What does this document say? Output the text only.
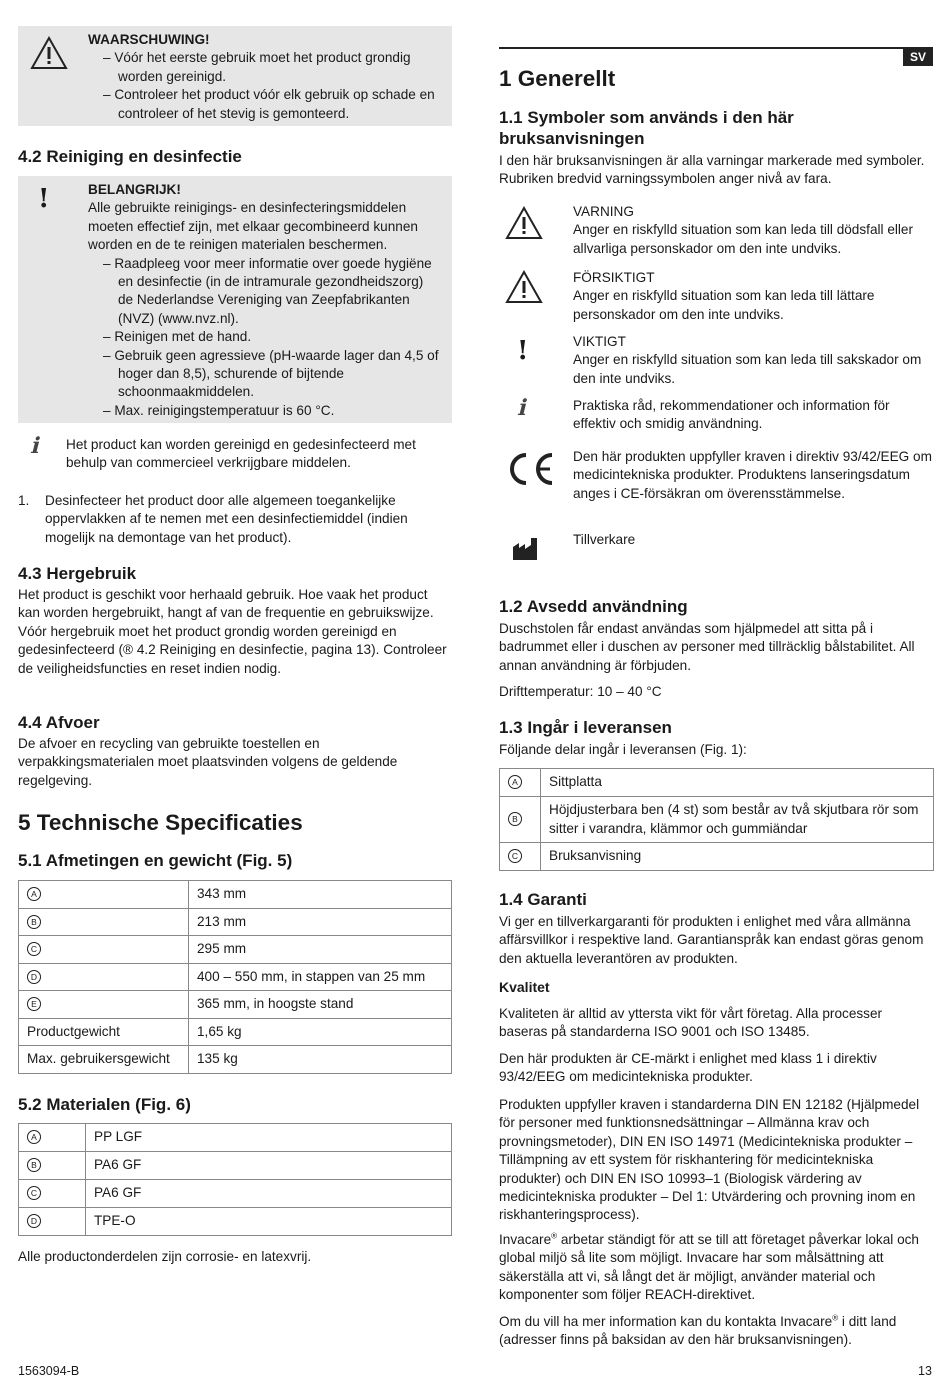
WAARSCHUWING!

– Vóór het eerste gebruik moet het product grondig worden gereinigd.

– Controleer het product vóór elk gebruik op schade en controleer of het stevig is gemonteerd.

4.2 Reiniging en desinfectie
!	BELANGRIJK!

Alle gebruikte reinigings- en desinfecteringsmiddelen moeten effectief zijn, met elkaar gecombineerd kunnen worden en de te reinigen materialen beschermen.

– Raadpleeg voor meer informatie over goede hygiëne en desinfectie (in de intramurale gezondheidszorg) de Nederlandse Vereniging van Zeepfabrikanten (NVZ) (www.nvz.nl).

– Reinigen met de hand.

– Gebruik geen agressieve (pH-waarde lager dan 4,5 of hoger dan 8,5), schurende of bijtende schoonmaakmiddelen.

– Max. reinigingstemperatuur is 60 °C.

ℹ Het product kan worden gereinigd en gedesinfecteerd met behulp van commercieel verkrijgbare middelen.

1. Desinfecteer het product door alle algemeen toegankelijke oppervlakken af te nemen met een desinfectiemiddel (indien mogelijk na demontage van het product).

4.3 Hergebruik

Het product is geschikt voor herhaald gebruik. Hoe vaak het product kan worden hergebruikt, hangt af van de frequentie en gebruikswijze. Vóór hergebruik moet het product grondig worden gereinigd en gedesinfecteerd (® 4.2 Reiniging en desinfectie, pagina 13). Controleer de veiligheidsfuncties en reset indien nodig.

4.4 Afvoer

De afvoer en recycling van gebruikte toestellen en verpakkingsmaterialen moet plaatsvinden volgens de geldende regelgeving.

5 Technische Specificaties
5.1 Afmetingen en gewicht (Fig. 5)
A	343 mm
B	213 mm
C	295 mm
D	400 – 550 mm, in stappen van 25 mm
E	365 mm, in hoogste stand
Productgewicht	1,65 kg
Max. gebruikersgewicht	135 kg
5.2 Materialen (Fig. 6)
A	PP LGF
B	PA6 GF
C	PA6 GF
D	TPE-O

Alle productonderdelen zijn corrosie- en latexvrij.

SV
1 Generellt
1.1 Symboler som används i den här bruksanvisningen

I den här bruksanvisningen är alla varningar markerade med symboler. Rubriken bredvid varningssymbolen anger nivå av fara.

VARNING

Anger en riskfylld situation som kan leda till dödsfall eller allvarliga personskador om den inte undviks.

FÖRSIKTIGT

Anger en riskfylld situation som kan leda till lättare personskador om den inte undviks.

!	VIKTIGT

Anger en riskfylld situation som kan leda till sakskador om den inte undviks.

ℹ	Praktiska råd, rekommendationer och information för effektiv och smidig användning.

Den här produkten uppfyller kraven i direktiv 93/42/EEG om medicintekniska produkter. Produktens lanseringsdatum anges i CE-försäkran om överensstämmelse.

Tillverkare

1.2 Avsedd användning

Duschstolen får endast användas som hjälpmedel att sitta på i badrummet eller i duschen av personer med tillräcklig bålstabilitet. All annan användning är förbjuden.

Drifttemperatur: 10 – 40 °C

1.3 Ingår i leveransen

Följande delar ingår i leveransen (Fig. 1):

A	Sittplatta
B	Höjdjusterbara ben (4 st) som består av två skjutbara rör som sitter i varandra, klämmor och gummiändar
C	Bruksanvisning
1.4 Garanti

Vi ger en tillverkargaranti för produkten i enlighet med våra allmänna affärsvillkor i respektive land. Garantianspråk kan endast göras genom den aktuella leverantören av produkten.

Kvalitet

Kvaliteten är alltid av yttersta vikt för vårt företag. Alla processer baseras på standarderna ISO 9001 och ISO 13485.

Den här produkten är CE-märkt i enlighet med klass 1 i direktiv 93/42/EEG om medicintekniska produkter.

Produkten uppfyller kraven i standarderna DIN EN 12182 (Hjälpmedel för personer med funktionsnedsättningar – Allmänna krav och provningsmetoder), DIN EN ISO 14971 (Medicintekniska produkter – Tillämpning av ett system för riskhantering för medicintekniska produkter) och DIN EN ISO 10993–1 (Biologisk värdering av medicintekniska produkter – Del 1: Utvärdering och provning inom en riskhanteringsprocess).

Invacare® arbetar ständigt för att se till att företaget påverkar lokal och global miljö så lite som möjligt. Invacare har som målsättning att säkerställa att vi, så långt det är möjligt, använder material och komponenter som följer REACH-direktivet.

Om du vill ha mer information kan du kontakta Invacare® i ditt land (adresser finns på baksidan av den här bruksanvisningen).

1563094-B	13
